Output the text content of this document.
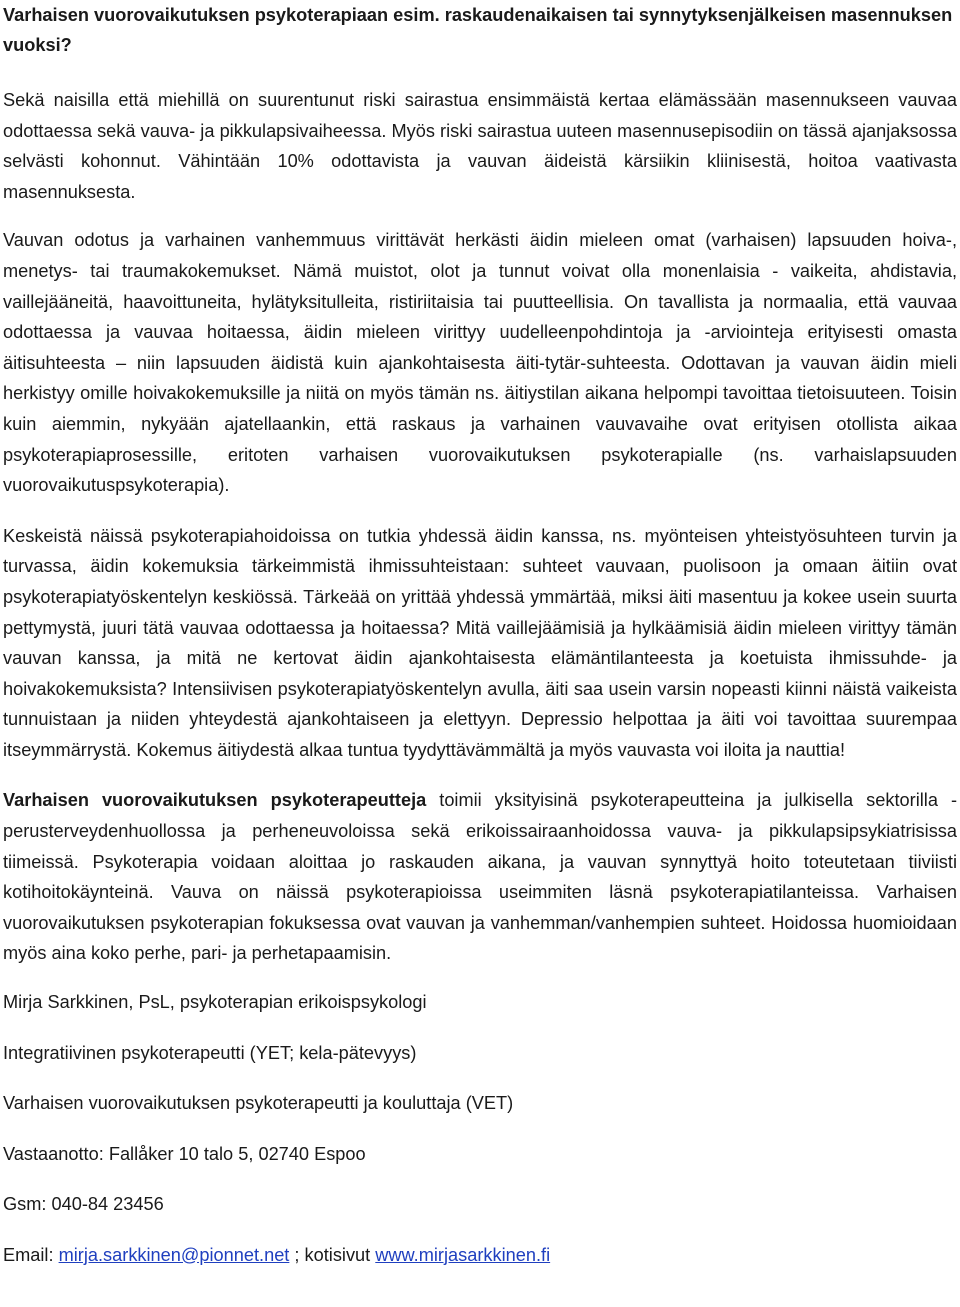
Varhaisen vuorovaikutuksen psykoterapiaan esim. raskaudenaikaisen tai synnytyksenjälkeisen masennuksen vuoksi?

Sekä naisilla että miehillä on suurentunut riski sairastua ensimmäistä kertaa elämässään masennukseen vauvaa odottaessa sekä vauva- ja pikkulapsivaiheessa. Myös riski sairastua uuteen masennusepisodiin on tässä ajanjaksossa selvästi kohonnut. Vähintään 10% odottavista ja vauvan äideistä kärsiikin kliinisestä, hoitoa vaativasta masennuksesta.

Vauvan odotus ja varhainen vanhemmuus virittävät herkästi äidin mieleen omat (varhaisen) lapsuuden hoiva-, menetys- tai traumakokemukset. Nämä muistot, olot ja tunnut voivat olla monenlaisia - vaikeita, ahdistavia, vaillejääneitä, haavoittuneita, hylätyksitulleita, ristiriitaisia tai puutteellisia. On tavallista ja normaalia, että vauvaa odottaessa ja vauvaa hoitaessa, äidin mieleen virittyy uudelleenpohdintoja ja -arviointeja erityisesti omasta äitisuhteesta – niin lapsuuden äidistä kuin ajankohtaisesta äiti-tytär-suhteesta. Odottavan ja vauvan äidin mieli herkistyy omille hoivakokemuksille ja niitä on myös tämän ns. äitiystilan aikana helpompi tavoittaa tietoisuuteen. Toisin kuin aiemmin, nykyään ajatellaankin, että raskaus ja varhainen vauvavaihe ovat erityisen otollista aikaa psykoterapiaprosessille, eritoten varhaisen vuorovaikutuksen psykoterapialle (ns. varhaislapsuuden vuorovaikutuspsykoterapia).

Keskeistä näissä psykoterapiahoidoissa on tutkia yhdessä äidin kanssa, ns. myönteisen yhteistyösuhteen turvin ja turvassa, äidin kokemuksia tärkeimmistä ihmissuhteistaan: suhteet vauvaan, puolisoon ja omaan äitiin ovat psykoterapiatyöskentelyn keskiössä. Tärkeää on yrittää yhdessä ymmärtää, miksi äiti masentuu ja kokee usein suurta pettymystä, juuri tätä vauvaa odottaessa ja hoitaessa? Mitä vaillejäämisiä ja hylkäämisiä äidin mieleen virittyy tämän vauvan kanssa, ja mitä ne kertovat äidin ajankohtaisesta elämäntilanteesta ja koetuista ihmissuhde- ja hoivakokemuksista? Intensiivisen psykoterapiatyöskentelyn avulla, äiti saa usein varsin nopeasti kiinni näistä vaikeista tunnuistaan ja niiden yhteydestä ajankohtaiseen ja elettyyn. Depressio helpottaa ja äiti voi tavoittaa suurempaa itseymmärrystä. Kokemus äitiydestä alkaa tuntua tyydyttävämmältä ja myös vauvasta voi iloita ja nauttia!

Varhaisen vuorovaikutuksen psykoterapeutteja toimii yksityisinä psykoterapeutteina ja julkisella sektorilla - perusterveydenhuollossa ja perheneuvoloissa sekä erikoissairaanhoidossa vauva- ja pikkulapsipsykiatrisissa tiimeissä. Psykoterapia voidaan aloittaa jo raskauden aikana, ja vauvan synnyttyä hoito toteutetaan tiiviisti kotihoitokäynteinä. Vauva on näissä psykoterapioissa useimmiten läsnä psykoterapiatilanteissa. Varhaisen vuorovaikutuksen psykoterapian fokuksessa ovat vauvan ja vanhemman/vanhempien suhteet. Hoidossa huomioidaan myös aina koko perhe, pari- ja perhetapaamisin.

Mirja Sarkkinen, PsL, psykoterapian erikoispsykologi

Integratiivinen psykoterapeutti (YET; kela-pätevyys)

Varhaisen vuorovaikutuksen psykoterapeutti ja kouluttaja (VET)

Vastaanotto: Fallåker 10 talo 5, 02740 Espoo

Gsm: 040-84 23456

Email: mirja.sarkkinen@pionnet.net ; kotisivut www.mirjasarkkinen.fi
